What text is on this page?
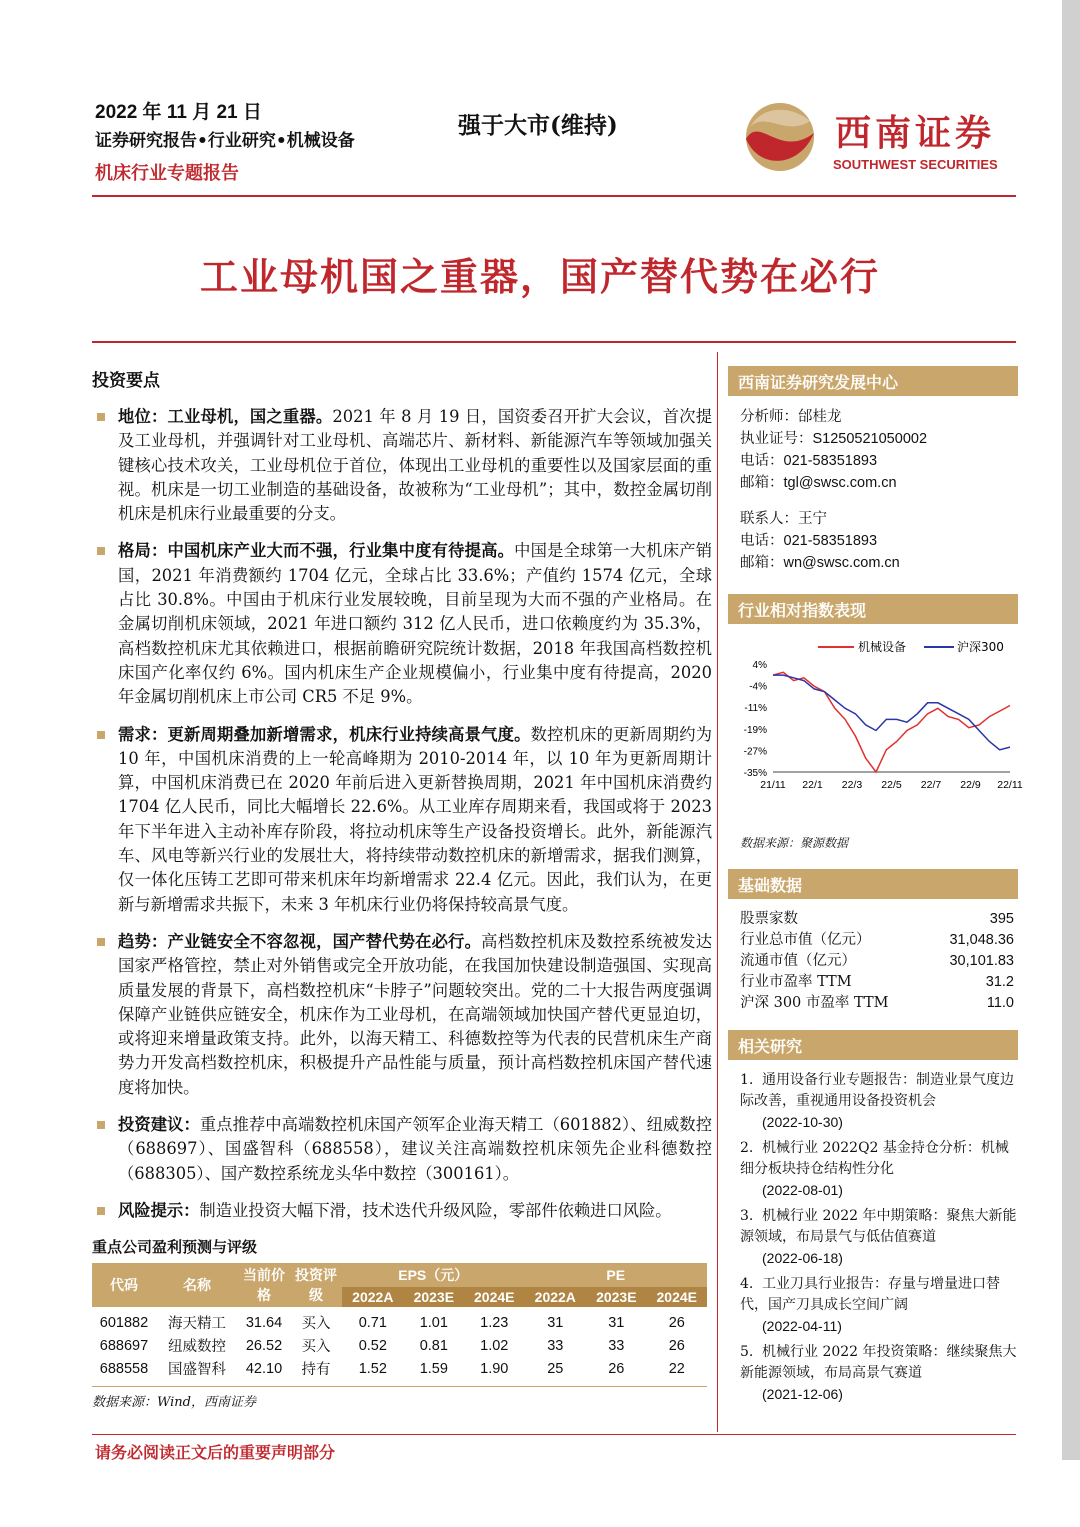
2022 年 11 月 21 日
证券研究报告•行业研究•机械设备
机床行业专题报告
强于大市(维持)	西南证券
SOUTHWEST SECURITIES
工业母机国之重器，国产替代势在必行
投资要点
地位：工业母机，国之重器。2021 年 8 月 19 日，国资委召开扩大会议，首次提及工业母机，并强调针对工业母机、高端芯片、新材料、新能源汽车等领域加强关键核心技术攻关，工业母机位于首位，体现出工业母机的重要性以及国家层面的重视。机床是一切工业制造的基础设备，故被称为“工业母机”；其中，数控金属切削机床是机床行业最重要的分支。
格局：中国机床产业大而不强，行业集中度有待提高。中国是全球第一大机床产销国，2021 年消费额约 1704 亿元，全球占比 33.6%；产值约 1574 亿元，全球占比 30.8%。中国由于机床行业发展较晚，目前呈现为大而不强的产业格局。在金属切削机床领域，2021 年进口额约 312 亿人民币，进口依赖度约为 35.3%，高档数控机床尤其依赖进口，根据前瞻研究院统计数据，2018 年我国高档数控机床国产化率仅约 6%。国内机床生产企业规模偏小，行业集中度有待提高，2020 年金属切削机床上市公司 CR5 不足 9%。
需求：更新周期叠加新增需求，机床行业持续高景气度。数控机床的更新周期约为 10 年，中国机床消费的上一轮高峰期为 2010-2014 年，以 10 年为更新周期计算，中国机床消费已在 2020 年前后进入更新替换周期，2021 年中国机床消费约 1704 亿人民币，同比大幅增长 22.6%。从工业库存周期来看，我国或将于 2023 年下半年进入主动补库存阶段，将拉动机床等生产设备投资增长。此外，新能源汽车、风电等新兴行业的发展壮大，将持续带动数控机床的新增需求，据我们测算，仅一体化压铸工艺即可带来机床年均新增需求 22.4 亿元。因此，我们认为，在更新与新增需求共振下，未来 3 年机床行业仍将保持较高景气度。
趋势：产业链安全不容忽视，国产替代势在必行。高档数控机床及数控系统被发达国家严格管控，禁止对外销售或完全开放功能，在我国加快建设制造强国、实现高质量发展的背景下，高档数控机床“卡脖子”问题较突出。党的二十大报告两度强调保障产业链供应链安全，机床作为工业母机，在高端领域加快国产替代更显迫切，或将迎来增量政策支持。此外，以海天精工、科德数控等为代表的民营机床生产商势力开发高档数控机床，积极提升产品性能与质量，预计高档数控机床国产替代速度将加快。
投资建议：重点推荐中高端数控机床国产领军企业海天精工（601882）、纽威数控（688697）、国盛智科（688558），建议关注高端数控机床领先企业科德数控（688305）、国产数控系统龙头华中数控（300161）。
风险提示：制造业投资大幅下滑，技术迭代升级风险，零部件依赖进口风险。
重点公司盈利预测与评级
代码	名称	当前价格	投资评级	EPS（元）			PE		
				2022A	2023E	2024E	2022A	2023E	2024E
601882	海天精工	31.64	买入	0.71	1.01	1.23	31	31	26
688697	纽威数控	26.52	买入	0.52	0.81	1.02	33	33	26
688558	国盛智科	42.10	持有	1.52	1.59	1.90	25	26	22
数据来源：Wind，西南证券
西南证券研究发展中心
分析师：邰桂龙
执业证号：S1250521050002
电话：021-58351893
邮箱：tgl@swsc.com.cn
联系人：王宁
电话：021-58351893
邮箱：wn@swsc.com.cn
行业相对指数表现
机械设备	沪深300
4%
-4%
-11%
-19%
-27%
-35%
21/11 22/1 22/3 22/5 22/7 22/9 22/11
数据来源：聚源数据
基础数据
股票家数	395
行业总市值（亿元）	31,048.36
流通市值（亿元）	30,101.83
行业市盈率 TTM	31.2
沪深 300 市盈率 TTM	11.0
相关研究
1. 通用设备行业专题报告：制造业景气度边际改善，重视通用设备投资机会
(2022-10-30)
2. 机械行业 2022Q2 基金持仓分析：机械细分板块持仓结构性分化
(2022-08-01)
3. 机械行业 2022 年中期策略：聚焦大新能源领域，布局景气与低估值赛道
(2022-06-18)
4. 工业刀具行业报告：存量与增量进口替代，国产刀具成长空间广阔
(2022-04-11)
5. 机械行业 2022 年投资策略：继续聚焦大新能源领域，布局高景气赛道
(2021-12-06)
请务必阅读正文后的重要声明部分
